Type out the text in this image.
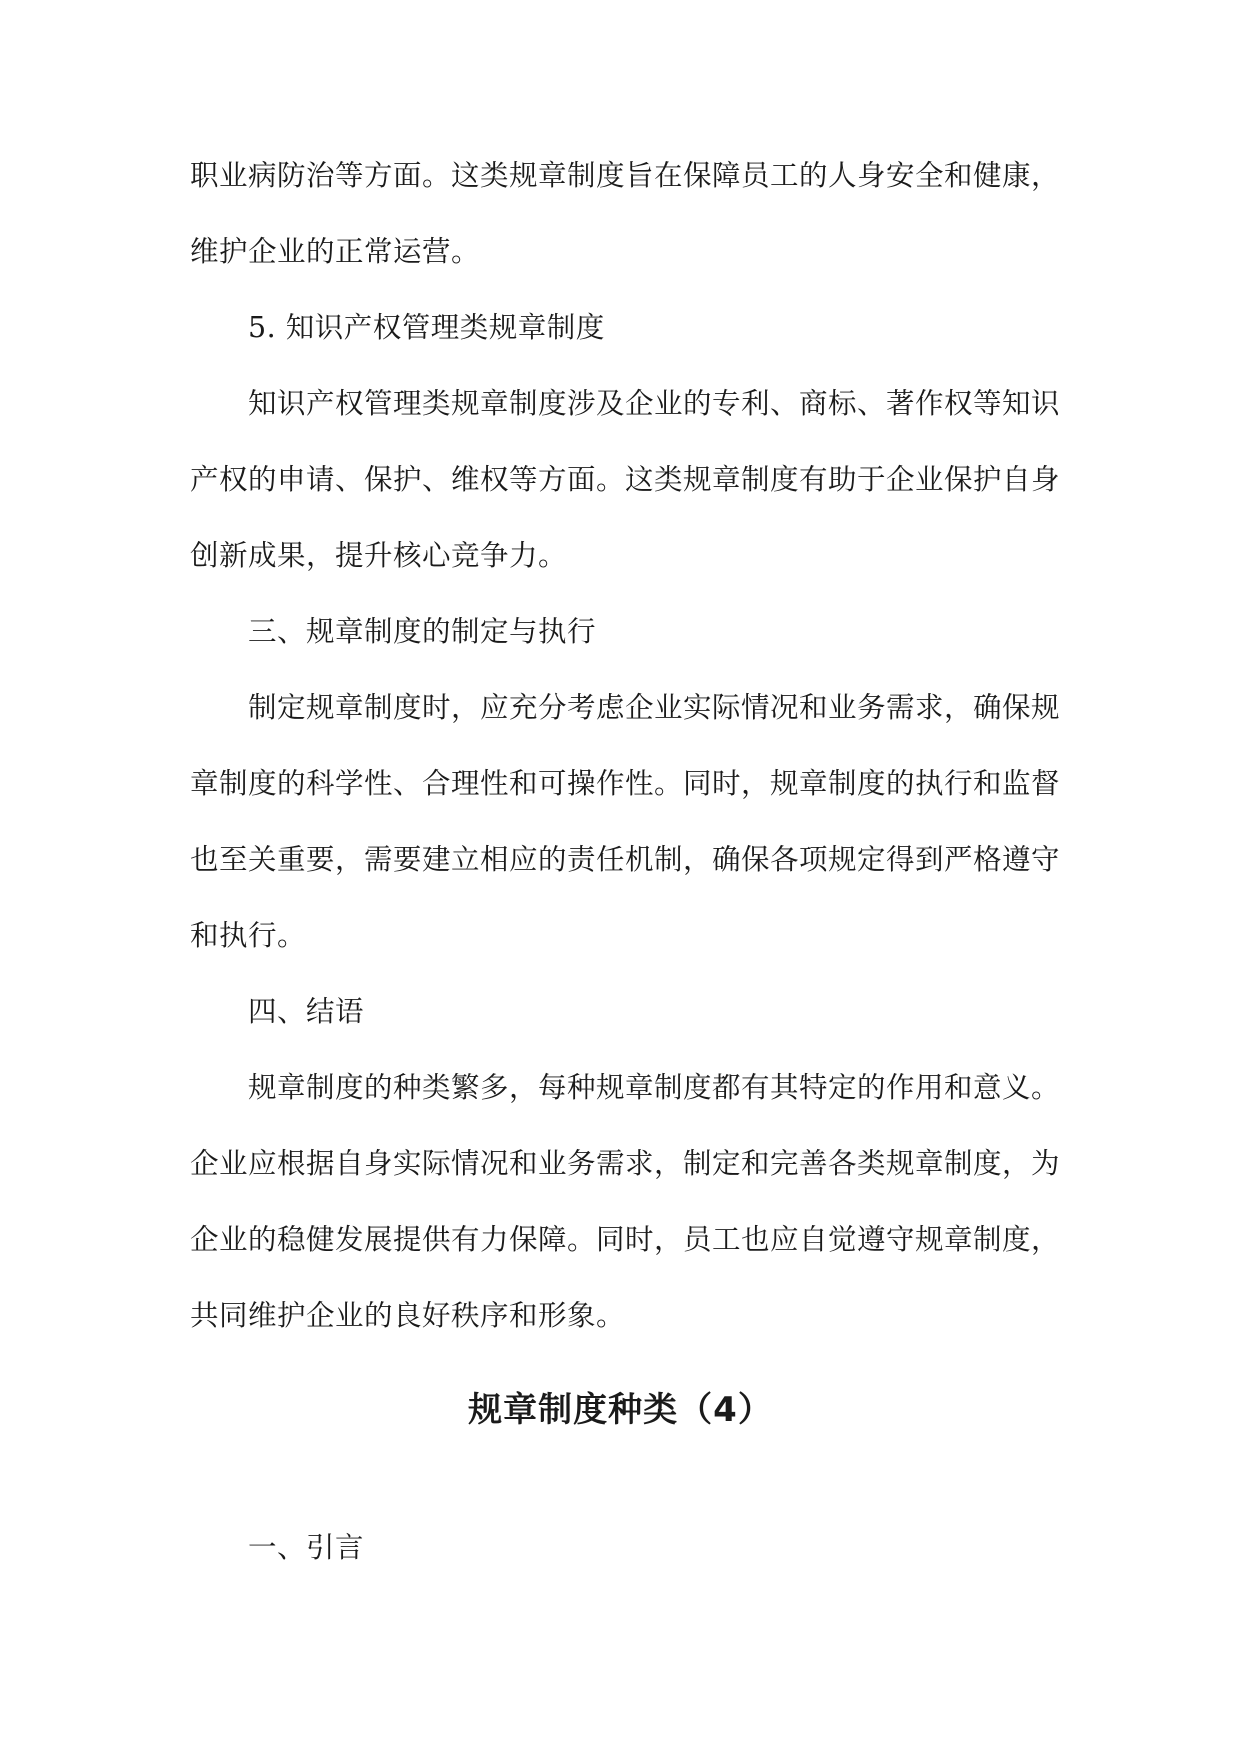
职业病防治等方面。这类规章制度旨在保障员工的人身安全和健康，
维护企业的正常运营。
5. 知识产权管理类规章制度
知识产权管理类规章制度涉及企业的专利、商标、著作权等知识
产权的申请、保护、维权等方面。这类规章制度有助于企业保护自身
创新成果，提升核心竞争力。
三、规章制度的制定与执行
制定规章制度时，应充分考虑企业实际情况和业务需求，确保规
章制度的科学性、合理性和可操作性。同时，规章制度的执行和监督
也至关重要，需要建立相应的责任机制，确保各项规定得到严格遵守
和执行。
四、结语
规章制度的种类繁多，每种规章制度都有其特定的作用和意义。
企业应根据自身实际情况和业务需求，制定和完善各类规章制度，为
企业的稳健发展提供有力保障。同时，员工也应自觉遵守规章制度，
共同维护企业的良好秩序和形象。
规章制度种类（4）
一、引言
